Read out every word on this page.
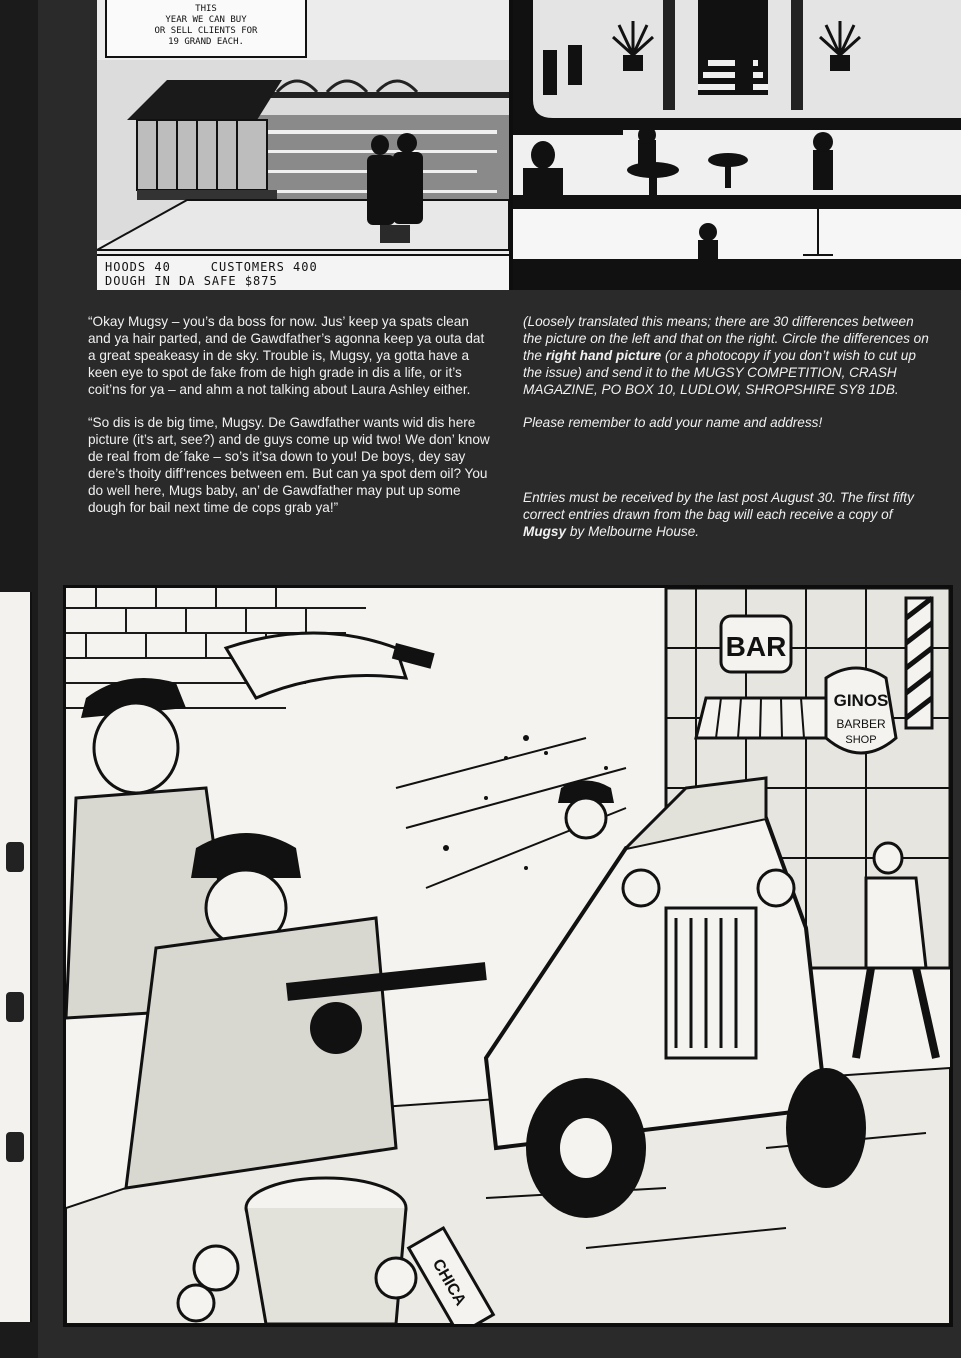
THIS
YEAR WE CAN BUY
OR SELL CLIENTS FOR
19 GRAND EACH.
HOODS 40	CUSTOMERS 400
DOUGH IN DA SAFE $875

“Okay Mugsy – you’s da boss for now. Jus’ keep ya spats clean and ya hair parted, and de Gawdfather’s agonna keep ya outa dat a great speakeasy in de sky. Trouble is, Mugsy, ya gotta have a keen eye to spot de fake from de high grade in dis a life, or it’s coit’ns for ya – and ahm a not talking about Laura Ashley either.

“So dis is de big time, Mugsy. De Gawdfather wants wid dis here picture (it’s art, see?) and de guys come up wid two! We don’ know de real from de´fake – so’s it’sa down to you! De boys, dey say dere’s thoity diff’rences between em. But can ya spot dem oil? You do well here, Mugs baby, an’ de Gawdfather may put up some dough for bail next time de cops grab ya!”

(Loosely translated this means; there are 30 differences between the picture on the left and that on the right. Circle the differences on the right hand picture (or a photocopy if you don’t wish to cut up the issue) and send it to the MUGSY COMPETITION, CRASH MAGAZINE, PO BOX 10, LUDLOW, SHROPSHIRE SY8 1DB.

Please remember to add your name and address!

Entries must be received by the last post August 30. The first fifty correct entries drawn from the bag will each receive a copy of Mugsy by Melbourne House.

BAR
GINOS
BARBER
SHOP
CHICA
